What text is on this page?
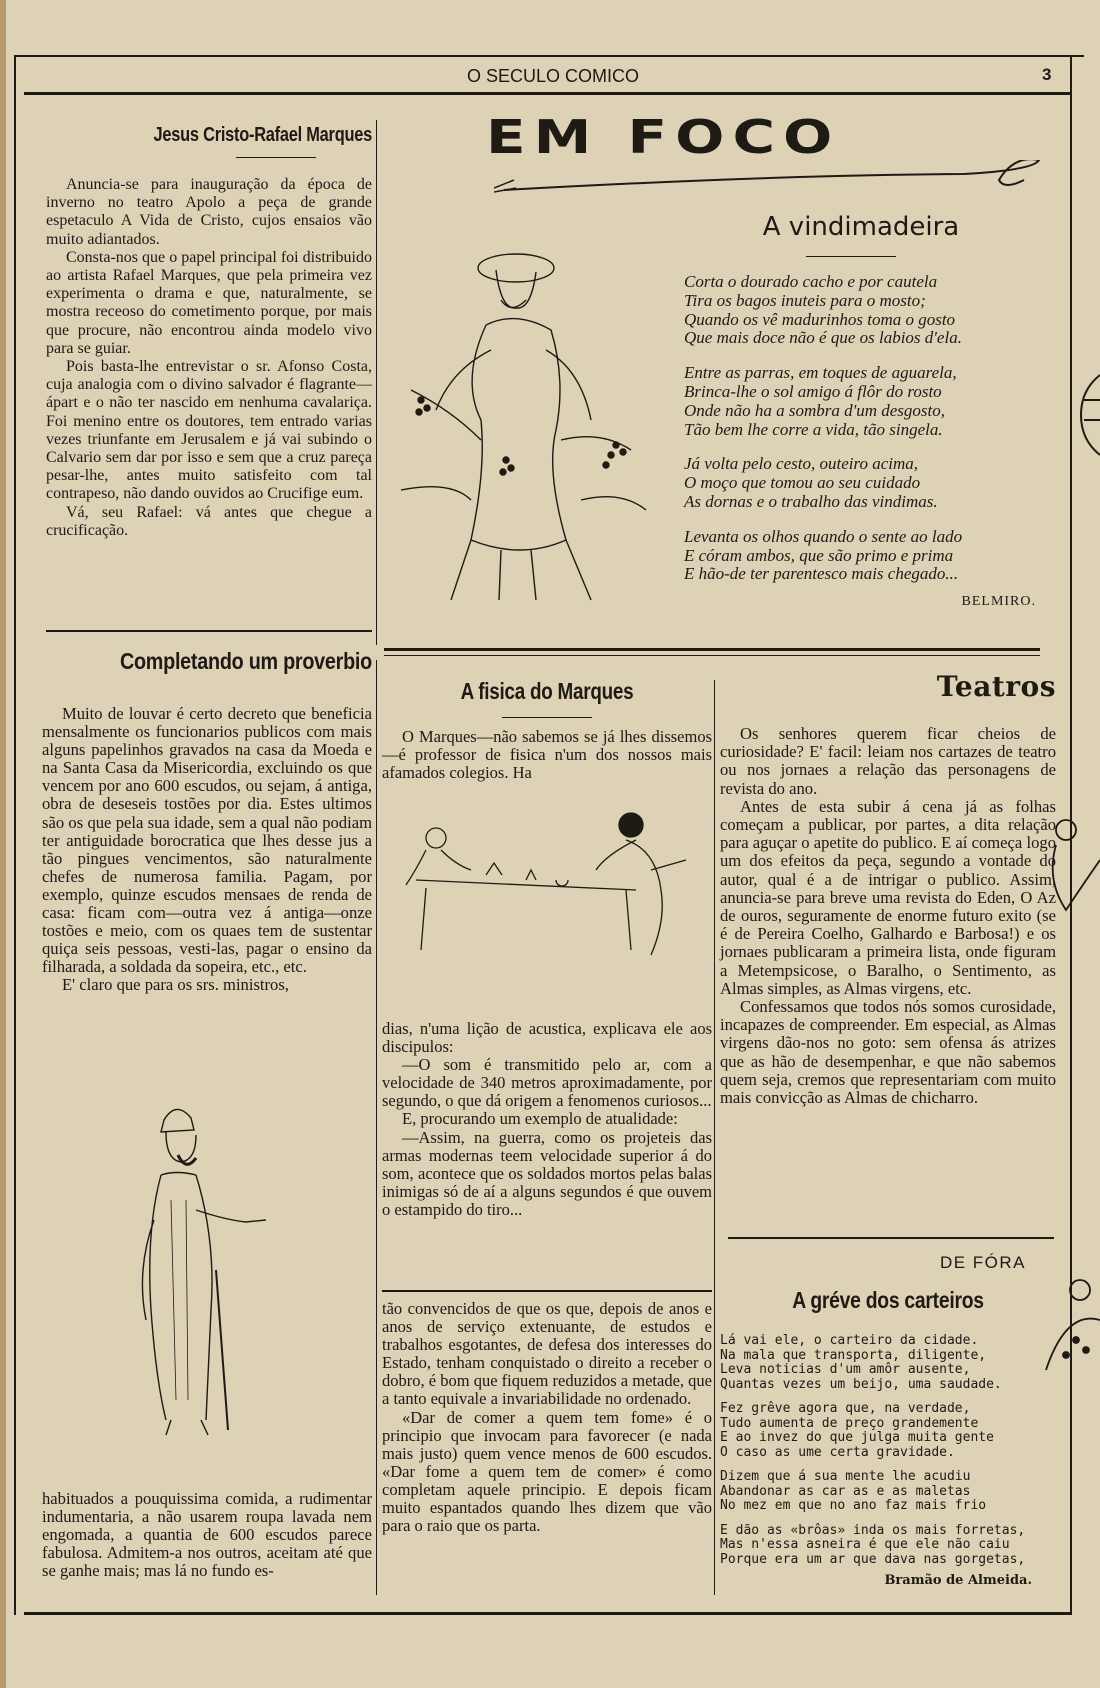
O SECULO COMICO	3
Jesus Cristo-Rafael Marques

Anuncia-se para inauguração da época de inverno no teatro Apolo a peça de grande espetaculo A Vida de Cristo, cujos ensaios vão muito adiantados.

Consta-nos que o papel principal foi distribuido ao artista Rafael Marques, que pela primeira vez experimenta o drama e que, naturalmente, se mostra receoso do cometimento porque, por mais que procure, não encontrou ainda modelo vivo para se guiar.

Pois basta-lhe entrevistar o sr. Afonso Costa, cuja analogia com o divino salvador é flagrante—ápart e o não ter nascido em nenhuma cavalariça. Foi menino entre os doutores, tem entrado varias vezes triunfante em Jerusalem e já vai subindo o Calvario sem dar por isso e sem que a cruz pareça pesar-lhe, antes muito satisfeito com tal contrapeso, não dando ouvidos ao Crucifige eum.

Vá, seu Rafael: vá antes que chegue a crucificação.

EM FOCO
A vindimadeira
Corta o dourado cacho e por cautela
Tira os bagos inuteis para o mosto;
Quando os vê madurinhos toma o gosto
Que mais doce não é que os labios d'ela.
Entre as parras, em toques de aguarela,
Brinca-lhe o sol amigo á flôr do rosto
Onde não ha a sombra d'um desgosto,
Tão bem lhe corre a vida, tão singela.
Já volta pelo cesto, outeiro acima,
O moço que tomou ao seu cuidado
As dornas e o trabalho das vindimas.
Levanta os olhos quando o sente ao lado
E córam ambos, que são primo e prima
E hão-de ter parentesco mais chegado...
BELMIRO.
Completando um proverbio

Muito de louvar é certo decreto que beneficia mensalmente os funcionarios publicos com mais alguns papelinhos gravados na casa da Moeda e na Santa Casa da Misericordia, excluindo os que vencem por ano 600 escudos, ou sejam, á antiga, obra de deseseis tostões por dia. Estes ultimos são os que pela sua idade, sem a qual não podiam ter antiguidade borocratica que lhes desse jus a tão pingues vencimentos, são naturalmente chefes de numerosa familia. Pagam, por exemplo, quinze escudos mensaes de renda de casa: ficam com—outra vez á antiga—onze tostões e meio, com os quaes tem de sustentar quiça seis pessoas, vesti-las, pagar o ensino da filharada, a soldada da sopeira, etc., etc.

E' claro que para os srs. ministros,

habituados a pouquissima comida, a rudimentar indumentaria, a não usarem roupa lavada nem engomada, a quantia de 600 escudos parece fabulosa. Admitem-a nos outros, aceitam até que se ganhe mais; mas lá no fundo es-

A fisica do Marques

O Marques—não sabemos se já lhes dissemos—é professor de fisica n'um dos nossos mais afamados colegios. Ha

dias, n'uma lição de acustica, explicava ele aos discipulos:

—O som é transmitido pelo ar, com a velocidade de 340 metros aproximadamente, por segundo, o que dá origem a fenomenos curiosos...

E, procurando um exemplo de atualidade:

—Assim, na guerra, como os projeteis das armas modernas teem velocidade superior á do som, acontece que os soldados mortos pelas balas inimigas só de aí a alguns segundos é que ouvem o estampido do tiro...

tão convencidos de que os que, depois de anos e anos de serviço extenuante, de estudos e trabalhos esgotantes, de defesa dos interesses do Estado, tenham conquistado o direito a receber o dobro, é bom que fiquem reduzidos a metade, que a tanto equivale a invariabilidade no ordenado.

«Dar de comer a quem tem fome» é o principio que invocam para favorecer (e nada mais justo) quem vence menos de 600 escudos. «Dar fome a quem tem de comer» é como completam aquele principio. E depois ficam muito espantados quando lhes dizem que vão para o raio que os parta.

Teatros

Os senhores querem ficar cheios de curiosidade? E' facil: leiam nos cartazes de teatro ou nos jornaes a relação das personagens de revista do ano.

Antes de esta subir á cena já as folhas começam a publicar, por partes, a dita relação para aguçar o apetite do publico. E aí começa logo um dos efeitos da peça, segundo a vontade do autor, qual é a de intrigar o publico. Assim, anuncia-se para breve uma revista do Eden, O Az de ouros, seguramente de enorme futuro exito (se é de Pereira Coelho, Galhardo e Barbosa!) e os jornaes publicaram a primeira lista, onde figuram a Metempsicose, o Baralho, o Sentimento, as Almas simples, as Almas virgens, etc.

Confessamos que todos nós somos curosidade, incapazes de compreender. Em especial, as Almas virgens dão-nos no goto: sem ofensa ás atrizes que as hão de desempenhar, e que não sabemos quem seja, cremos que representariam com muito mais convicção as Almas de chicharro.

DE FÓRA
A gréve dos carteiros
Lá vai ele, o carteiro da cidade.
Na mala que transporta, diligente,
Leva noticias d'um amôr ausente,
Quantas vezes um beijo, uma saudade.
Fez grêve agora que, na verdade,
Tudo aumenta de preço grandemente
E ao invez do que julga muita gente
O caso as ume certa gravidade.
Dizem que á sua mente lhe acudiu
Abandonar as car as e as maletas
No mez em que no ano faz mais frio
E dão as «brôas» inda os mais forretas,
Mas n'essa asneira é que ele não caiu
Porque era um ar que dava nas gorgetas,
Bramão de Almeida.
